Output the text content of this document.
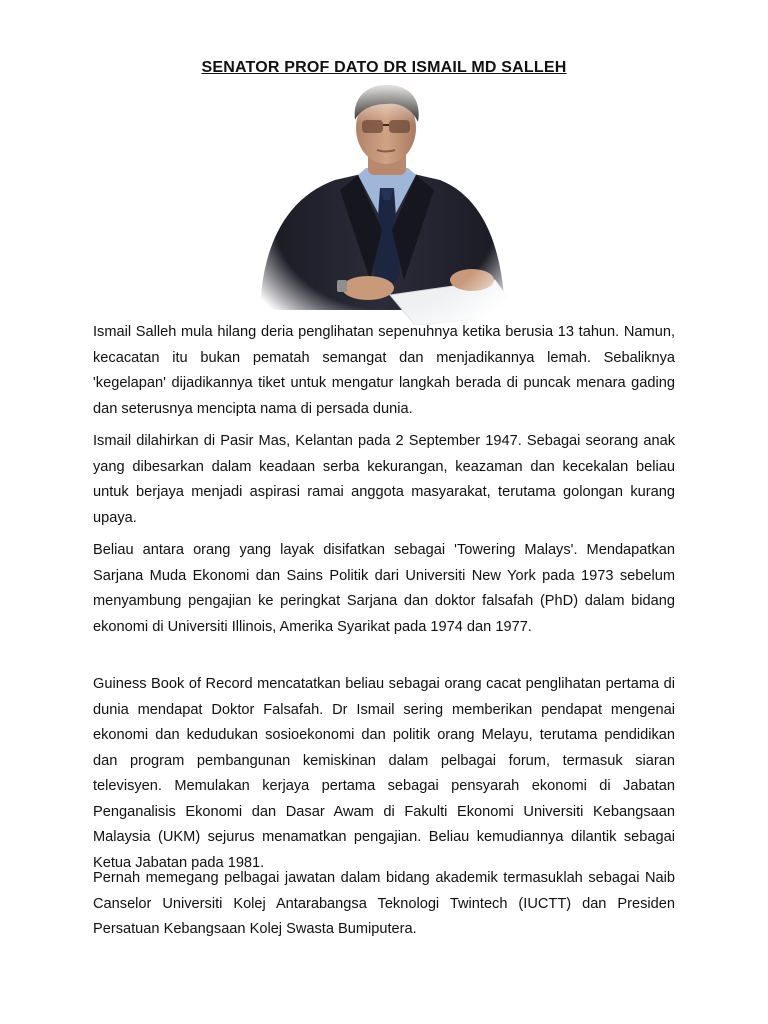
SENATOR PROF DATO DR ISMAIL MD SALLEH

Ismail Salleh mula hilang deria penglihatan sepenuhnya ketika berusia 13 tahun. Namun, kecacatan itu bukan pematah semangat dan menjadikannya lemah. Sebaliknya 'kegelapan' dijadikannya tiket untuk mengatur langkah berada di puncak menara gading dan seterusnya mencipta nama di persada dunia.

Ismail dilahirkan di Pasir Mas, Kelantan pada 2 September 1947. Sebagai seorang anak yang dibesarkan dalam keadaan serba kekurangan, keazaman dan kecekalan beliau untuk berjaya menjadi aspirasi ramai anggota masyarakat, terutama golongan kurang upaya.

Beliau antara orang yang layak disifatkan sebagai 'Towering Malays'. Mendapatkan Sarjana Muda Ekonomi dan Sains Politik dari Universiti New York pada 1973 sebelum menyambung pengajian ke peringkat Sarjana dan doktor falsafah (PhD) dalam bidang ekonomi di Universiti Illinois, Amerika Syarikat pada 1974 dan 1977.

Guiness Book of Record mencatatkan beliau sebagai orang cacat penglihatan pertama di dunia mendapat Doktor Falsafah. Dr Ismail sering memberikan pendapat mengenai ekonomi dan kedudukan sosioekonomi dan politik orang Melayu, terutama pendidikan dan program pembangunan kemiskinan dalam pelbagai forum, termasuk siaran televisyen. Memulakan kerjaya pertama sebagai pensyarah ekonomi di Jabatan Penganalisis Ekonomi dan Dasar Awam di Fakulti Ekonomi Universiti Kebangsaan Malaysia (UKM) sejurus menamatkan pengajian. Beliau kemudiannya dilantik sebagai Ketua Jabatan pada 1981.

Pernah memegang pelbagai jawatan dalam bidang akademik termasuklah sebagai Naib Canselor Universiti Kolej Antarabangsa Teknologi Twintech (IUCTT) dan Presiden Persatuan Kebangsaan Kolej Swasta Bumiputera.
